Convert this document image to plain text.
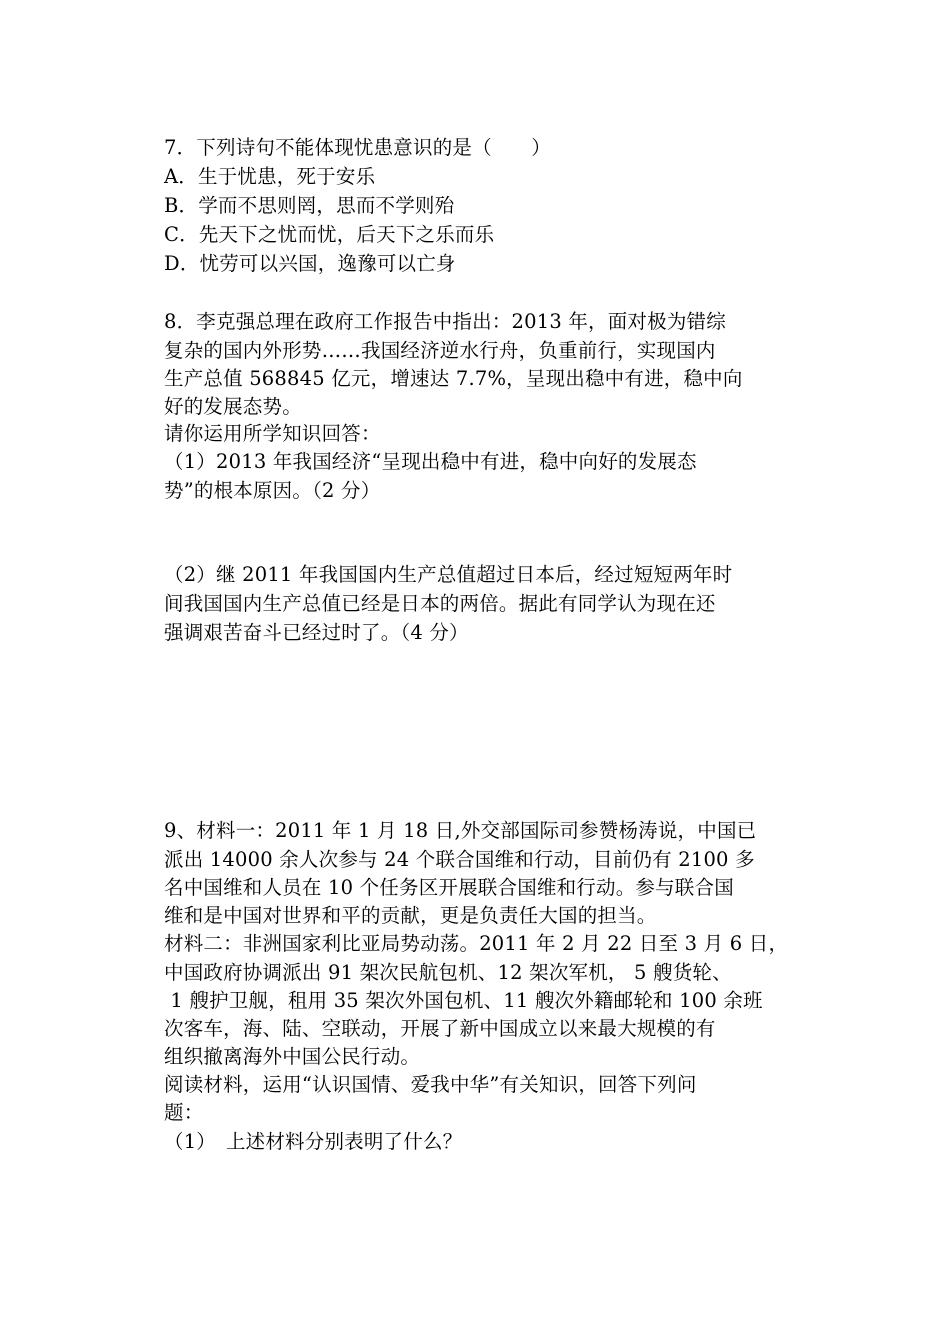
7．下列诗句不能体现忧患意识的是（　　）
A．生于忧患，死于安乐
B．学而不思则罔，思而不学则殆
C．先天下之忧而忧，后天下之乐而乐
D．忧劳可以兴国，逸豫可以亡身
8．李克强总理在政府工作报告中指出：2013 年，面对极为错综
复杂的国内外形势……我国经济逆水行舟，负重前行，实现国内
生产总值 568845 亿元，增速达 7.7%，呈现出稳中有进，稳中向
好的发展态势。
请你运用所学知识回答：
（1）2013 年我国经济“呈现出稳中有进，稳中向好的发展态
势”的根本原因。（2 分）
（2）继 2011 年我国国内生产总值超过日本后，经过短短两年时
间我国国内生产总值已经是日本的两倍。据此有同学认为现在还
强调艰苦奋斗已经过时了。（4 分）
9、材料一：2011 年 1 月 18 日,外交部国际司参赞杨涛说，中国已
派出 14000 余人次参与 24 个联合国维和行动，目前仍有 2100 多
名中国维和人员在 10 个任务区开展联合国维和行动。参与联合国
维和是中国对世界和平的贡献，更是负责任大国的担当。
材料二：非洲国家利比亚局势动荡。2011 年 2 月 22 日至 3 月 6 日，
中国政府协调派出 91 架次民航包机、12 架次军机， 5 艘货轮、
1 艘护卫舰，租用 35 架次外国包机、11 艘次外籍邮轮和 100 余班
次客车，海、陆、空联动，开展了新中国成立以来最大规模的有
组织撤离海外中国公民行动。
阅读材料，运用“认识国情、爱我中华”有关知识，回答下列问
题：
（1）　上述材料分别表明了什么？
